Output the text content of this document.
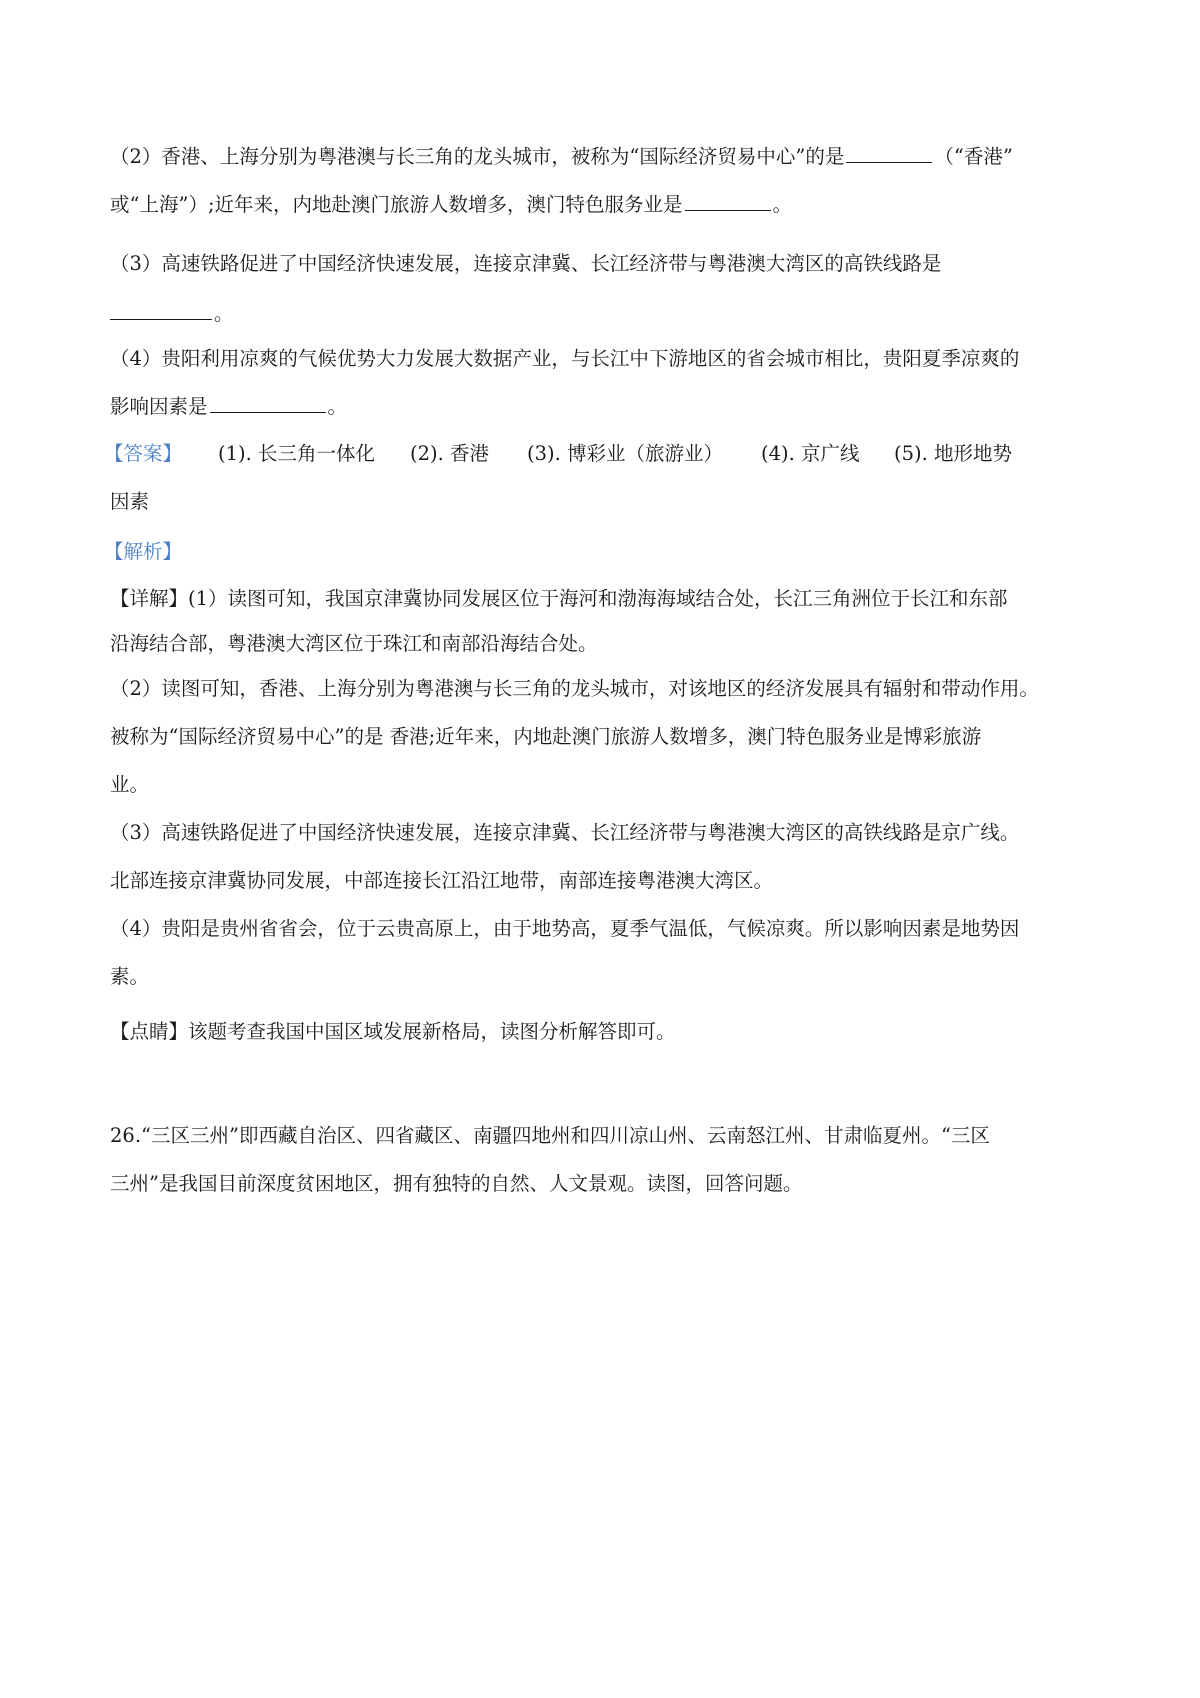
（2）香港、上海分别为粤港澳与长三角的龙头城市，被称为“国际经济贸易中心”的是	（“香港”
或“上海”）;近年来，内地赴澳门旅游人数增多，澳门特色服务业是	。
（3）高速铁路促进了中国经济快速发展，连接京津冀、长江经济带与粤港澳大湾区的高铁线路是
。
（4）贵阳利用凉爽的气候优势大力发展大数据产业，与长江中下游地区的省会城市相比，贵阳夏季凉爽的
影响因素是	。
【答案】 (1). 长三角一体化 (2). 香港 (3). 博彩业（旅游业） (4). 京广线 (5). 地形地势
因素
【解析】
【详解】(1）读图可知，我国京津冀协同发展区位于海河和渤海海域结合处，长江三角洲位于长江和东部
沿海结合部，粤港澳大湾区位于珠江和南部沿海结合处。
（2）读图可知，香港、上海分别为粤港澳与长三角的龙头城市，对该地区的经济发展具有辐射和带动作用。
被称为“国际经济贸易中心”的是 香港;近年来，内地赴澳门旅游人数增多，澳门特色服务业是博彩旅游
业。
（3）高速铁路促进了中国经济快速发展，连接京津冀、长江经济带与粤港澳大湾区的高铁线路是京广线。
北部连接京津冀协同发展，中部连接长江沿江地带，南部连接粤港澳大湾区。
（4）贵阳是贵州省省会，位于云贵高原上，由于地势高，夏季气温低，气候凉爽。所以影响因素是地势因
素。
【点睛】该题考查我国中国区域发展新格局，读图分析解答即可。
26.“三区三州”即西藏自治区、四省藏区、南疆四地州和四川凉山州、云南怒江州、甘肃临夏州。“三区
三州”是我国目前深度贫困地区，拥有独特的自然、人文景观。读图，回答问题。
